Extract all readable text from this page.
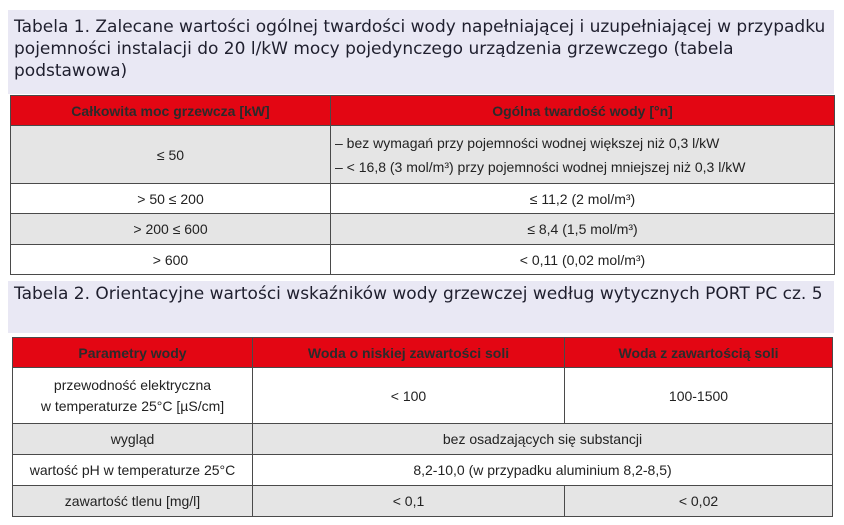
Tabela 1. Zalecane wartości ogólnej twardości wody napełniającej i uzupełniającej w przypadku pojemności instalacji do 20 l/kW mocy pojedynczego urządzenia grzewczego (tabela podstawowa)
Całkowita moc grzewcza [kW]	Ogólna twardość wody [°n]
≤ 50	– bez wymagań przy pojemności wodnej większej niż 0,3 l/kW
– < 16,8 (3 mol/m³) przy pojemności wodnej mniejszej niż 0,3 l/kW

> 50 ≤ 200	≤ 11,2 (2 mol/m³)
> 200 ≤ 600	≤ 8,4 (1,5 mol/m³)
> 600	< 0,11 (0,02 mol/m³)
Tabela 2. Orientacyjne wartości wskaźników wody grzewczej według wytycznych PORT PC cz. 5
Parametry wody	Woda o niskiej zawartości soli	Woda z zawartością soli

przewodność elektryczna
w temperaturze 25°C [µS/cm]	< 100	100-1500
wygląd	bez osadzających się substancji	
wartość pH w temperaturze 25°C	8,2-10,0 (w przypadku aluminium 8,2-8,5)	
zawartość tlenu [mg/l]	< 0,1	< 0,02
